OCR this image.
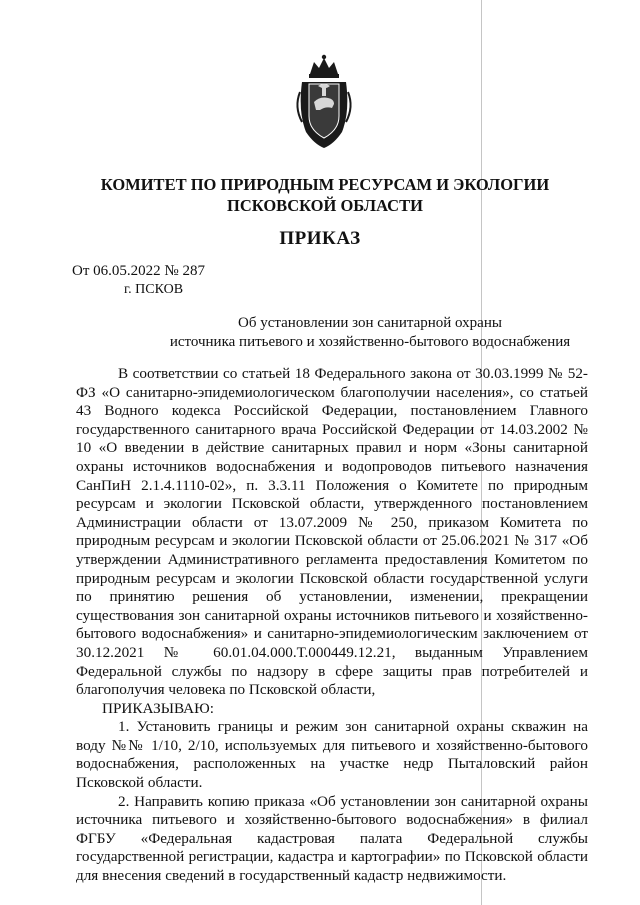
КОМИТЕТ ПО ПРИРОДНЫМ РЕСУРСАМ И ЭКОЛОГИИ
ПСКОВСКОЙ ОБЛАСТИ
ПРИКАЗ
От 06.05.2022 № 287
г. ПСКОВ
Об установлении зон санитарной охраны
источника питьевого и хозяйственно-бытового водоснабжения

В соответствии со статьей 18 Федерального закона от 30.03.1999 № 52-ФЗ «О санитарно-эпидемиологическом благополучии населения», со статьей 43 Водного кодекса Российской Федерации, постановлением Главного государственного санитарного врача Российской Федерации от 14.03.2002 № 10 «О введении в действие санитарных правил и норм «Зоны санитарной охраны источников водоснабжения и водопроводов питьевого назначения СанПиН 2.1.4.1110-02», п. 3.3.11 Положения о Комитете по природным ресурсам и экологии Псковской области, утвержденного постановлением Администрации области от 13.07.2009 № 250, приказом Комитета по природным ресурсам и экологии Псковской области от 25.06.2021 № 317 «Об утверждении Административного регламента предоставления Комитетом по природным ресурсам и экологии Псковской области государственной услуги по принятию решения об установлении, изменении, прекращении существования зон санитарной охраны источников питьевого и хозяйственно-бытового водоснабжения» и санитарно-эпидемиологическим заключением от 30.12.2021 № 60.01.04.000.Т.000449.12.21, выданным Управлением Федеральной службы по надзору в сфере защиты прав потребителей и благополучия человека по Псковской области,

ПРИКАЗЫВАЮ:

1. Установить границы и режим зон санитарной охраны скважин на воду №№ 1/10, 2/10, используемых для питьевого и хозяйственно-бытового водоснабжения, расположенных на участке недр Пыталовский район Псковской области.

2. Направить копию приказа «Об установлении зон санитарной охраны источника питьевого и хозяйственно-бытового водоснабжения» в филиал ФГБУ «Федеральная кадастровая палата Федеральной службы государственной регистрации, кадастра и картографии» по Псковской области для внесения сведений в государственный кадастр недвижимости.
